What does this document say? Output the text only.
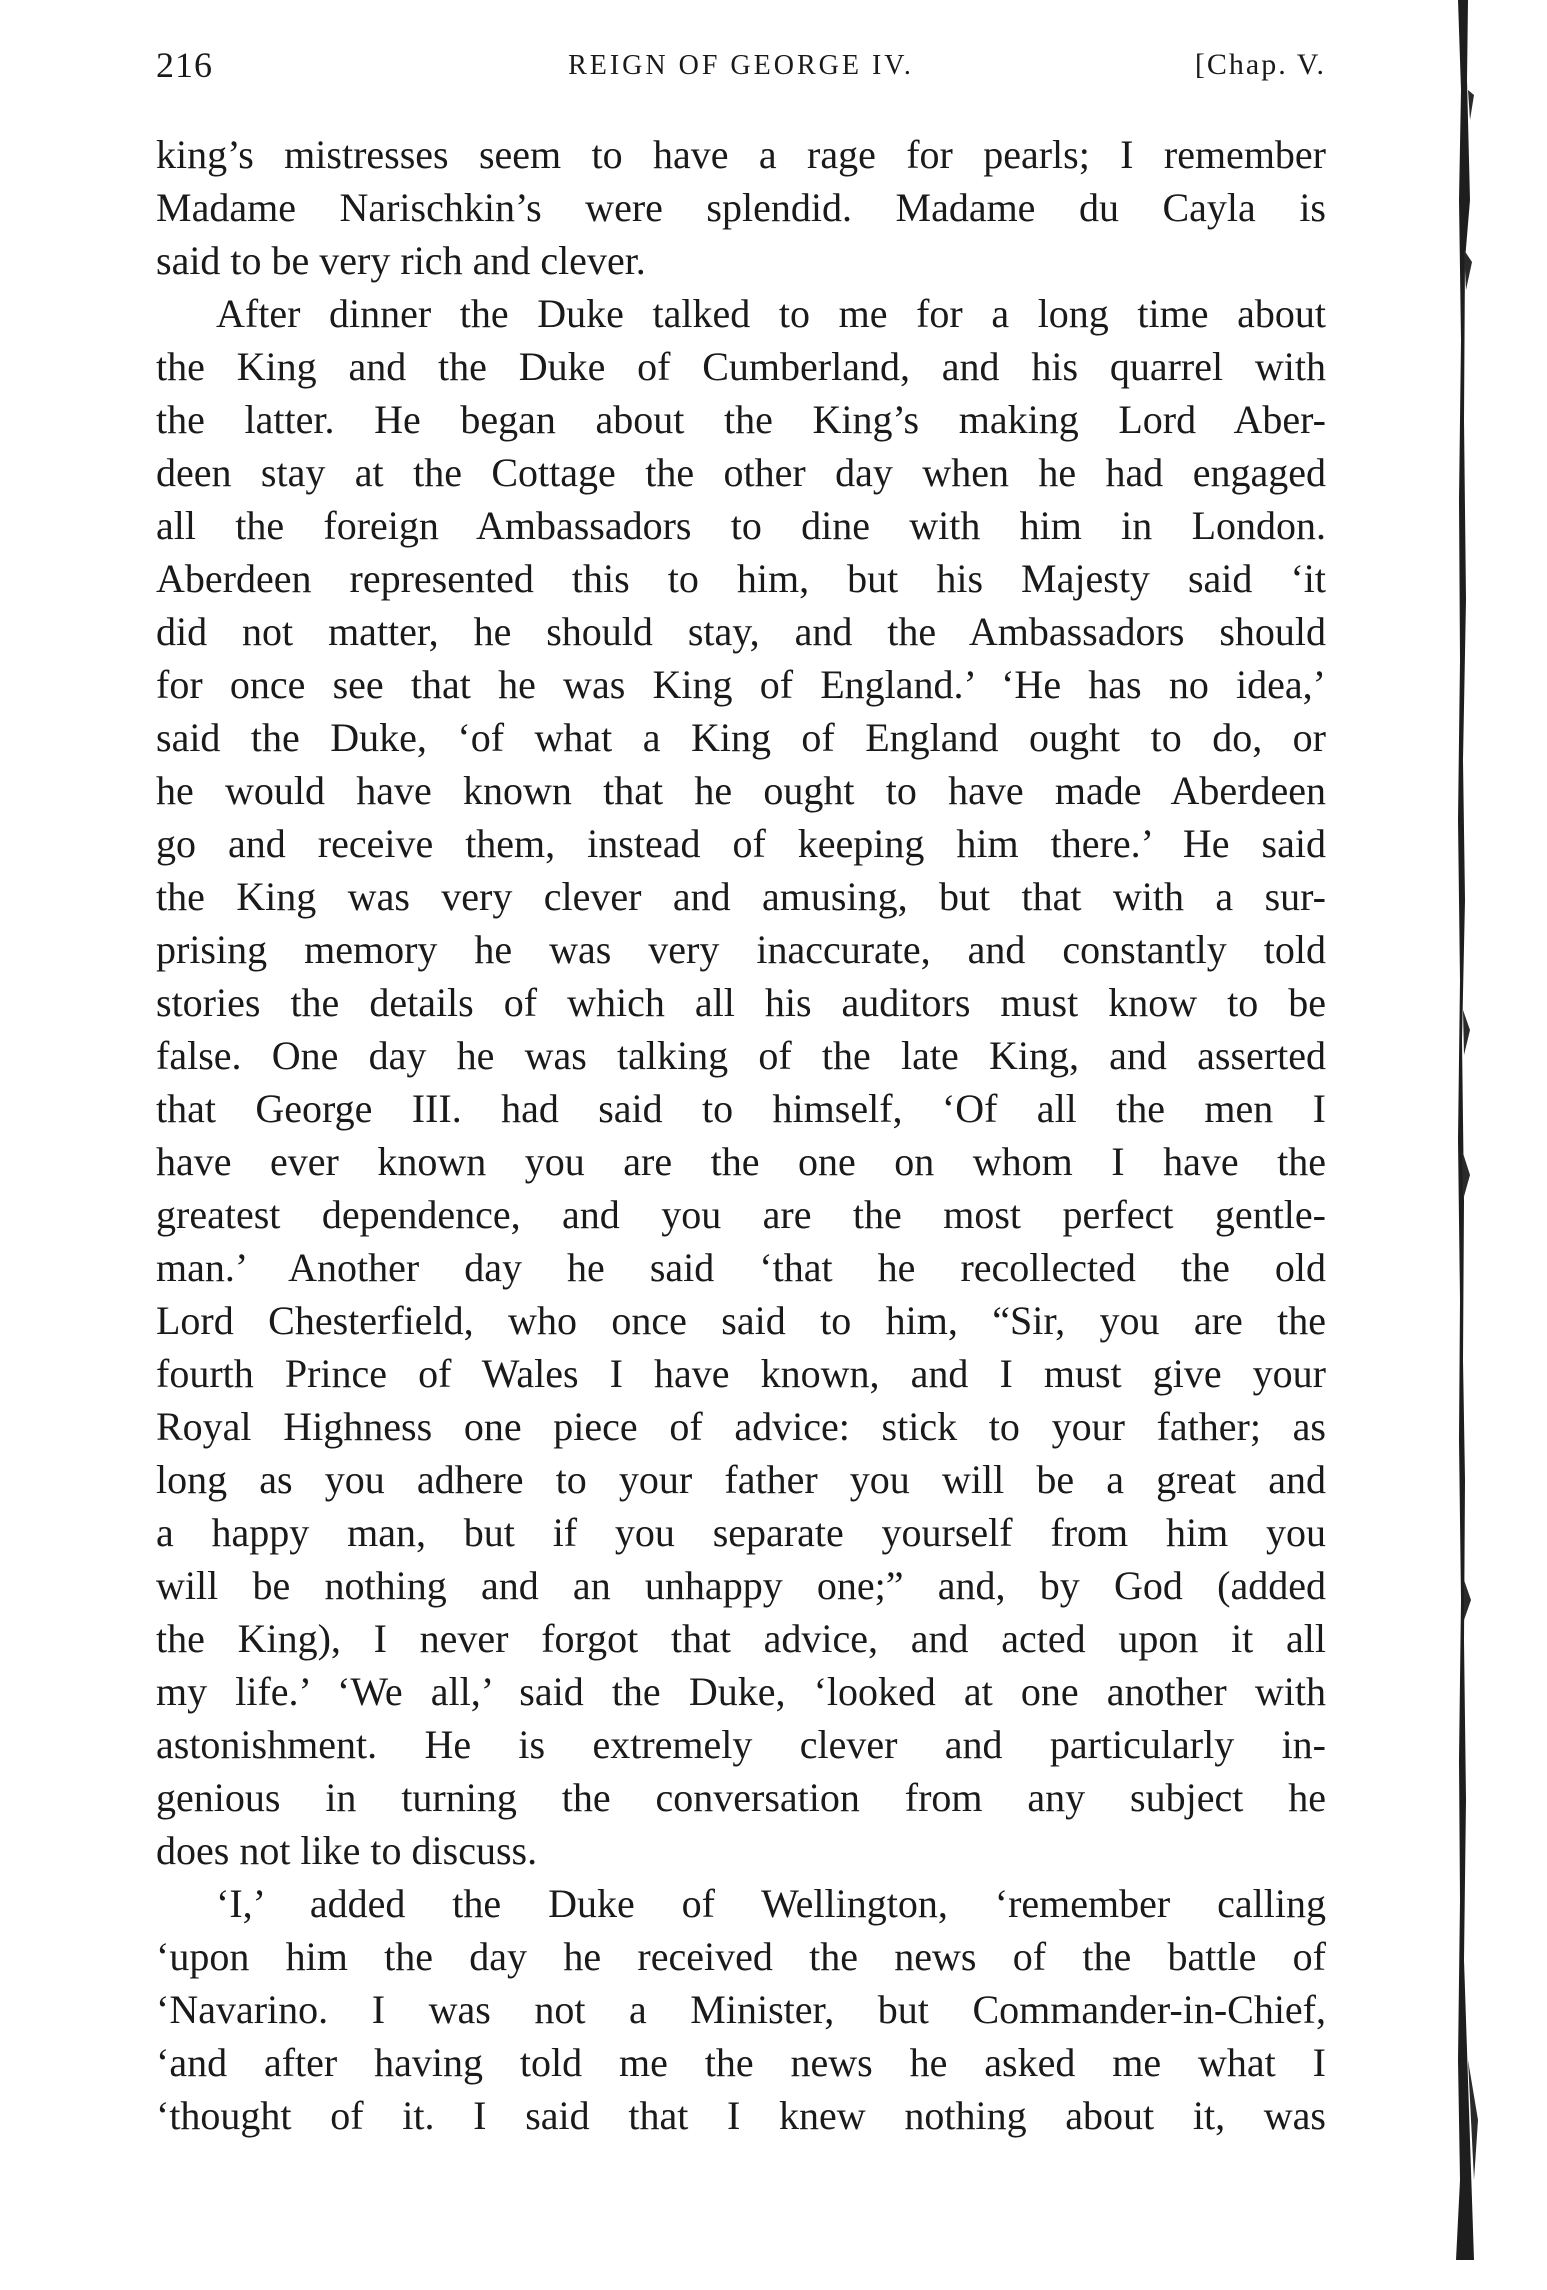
216	REIGN OF GEORGE IV.	[Chap. V.
king’s mistresses seem to have a rage for pearls; I remember
Madame Narischkin’s were splendid. Madame du Cayla is
said to be very rich and clever.
After dinner the Duke talked to me for a long time about
the King and the Duke of Cumberland, and his quarrel with
the latter. He began about the King’s making Lord Aber-
deen stay at the Cottage the other day when he had engaged
all the foreign Ambassadors to dine with him in London.
Aberdeen represented this to him, but his Majesty said ‘it
did not matter, he should stay, and the Ambassadors should
for once see that he was King of England.’ ‘He has no idea,’
said the Duke, ‘of what a King of England ought to do, or
he would have known that he ought to have made Aberdeen
go and receive them, instead of keeping him there.’ He said
the King was very clever and amusing, but that with a sur-
prising memory he was very inaccurate, and constantly told
stories the details of which all his auditors must know to be
false. One day he was talking of the late King, and asserted
that George III. had said to himself, ‘Of all the men I
have ever known you are the one on whom I have the
greatest dependence, and you are the most perfect gentle-
man.’ Another day he said ‘that he recollected the old
Lord Chesterfield, who once said to him, “Sir, you are the
fourth Prince of Wales I have known, and I must give your
Royal Highness one piece of advice: stick to your father; as
long as you adhere to your father you will be a great and
a happy man, but if you separate yourself from him you
will be nothing and an unhappy one;” and, by God (added
the King), I never forgot that advice, and acted upon it all
my life.’ ‘We all,’ said the Duke, ‘looked at one another with
astonishment. He is extremely clever and particularly in-
genious in turning the conversation from any subject he
does not like to discuss.
‘I,’ added the Duke of Wellington, ‘remember calling
‘upon him the day he received the news of the battle of
‘Navarino. I was not a Minister, but Commander-in-Chief,
‘and after having told me the news he asked me what I
‘thought of it. I said that I knew nothing about it, was
